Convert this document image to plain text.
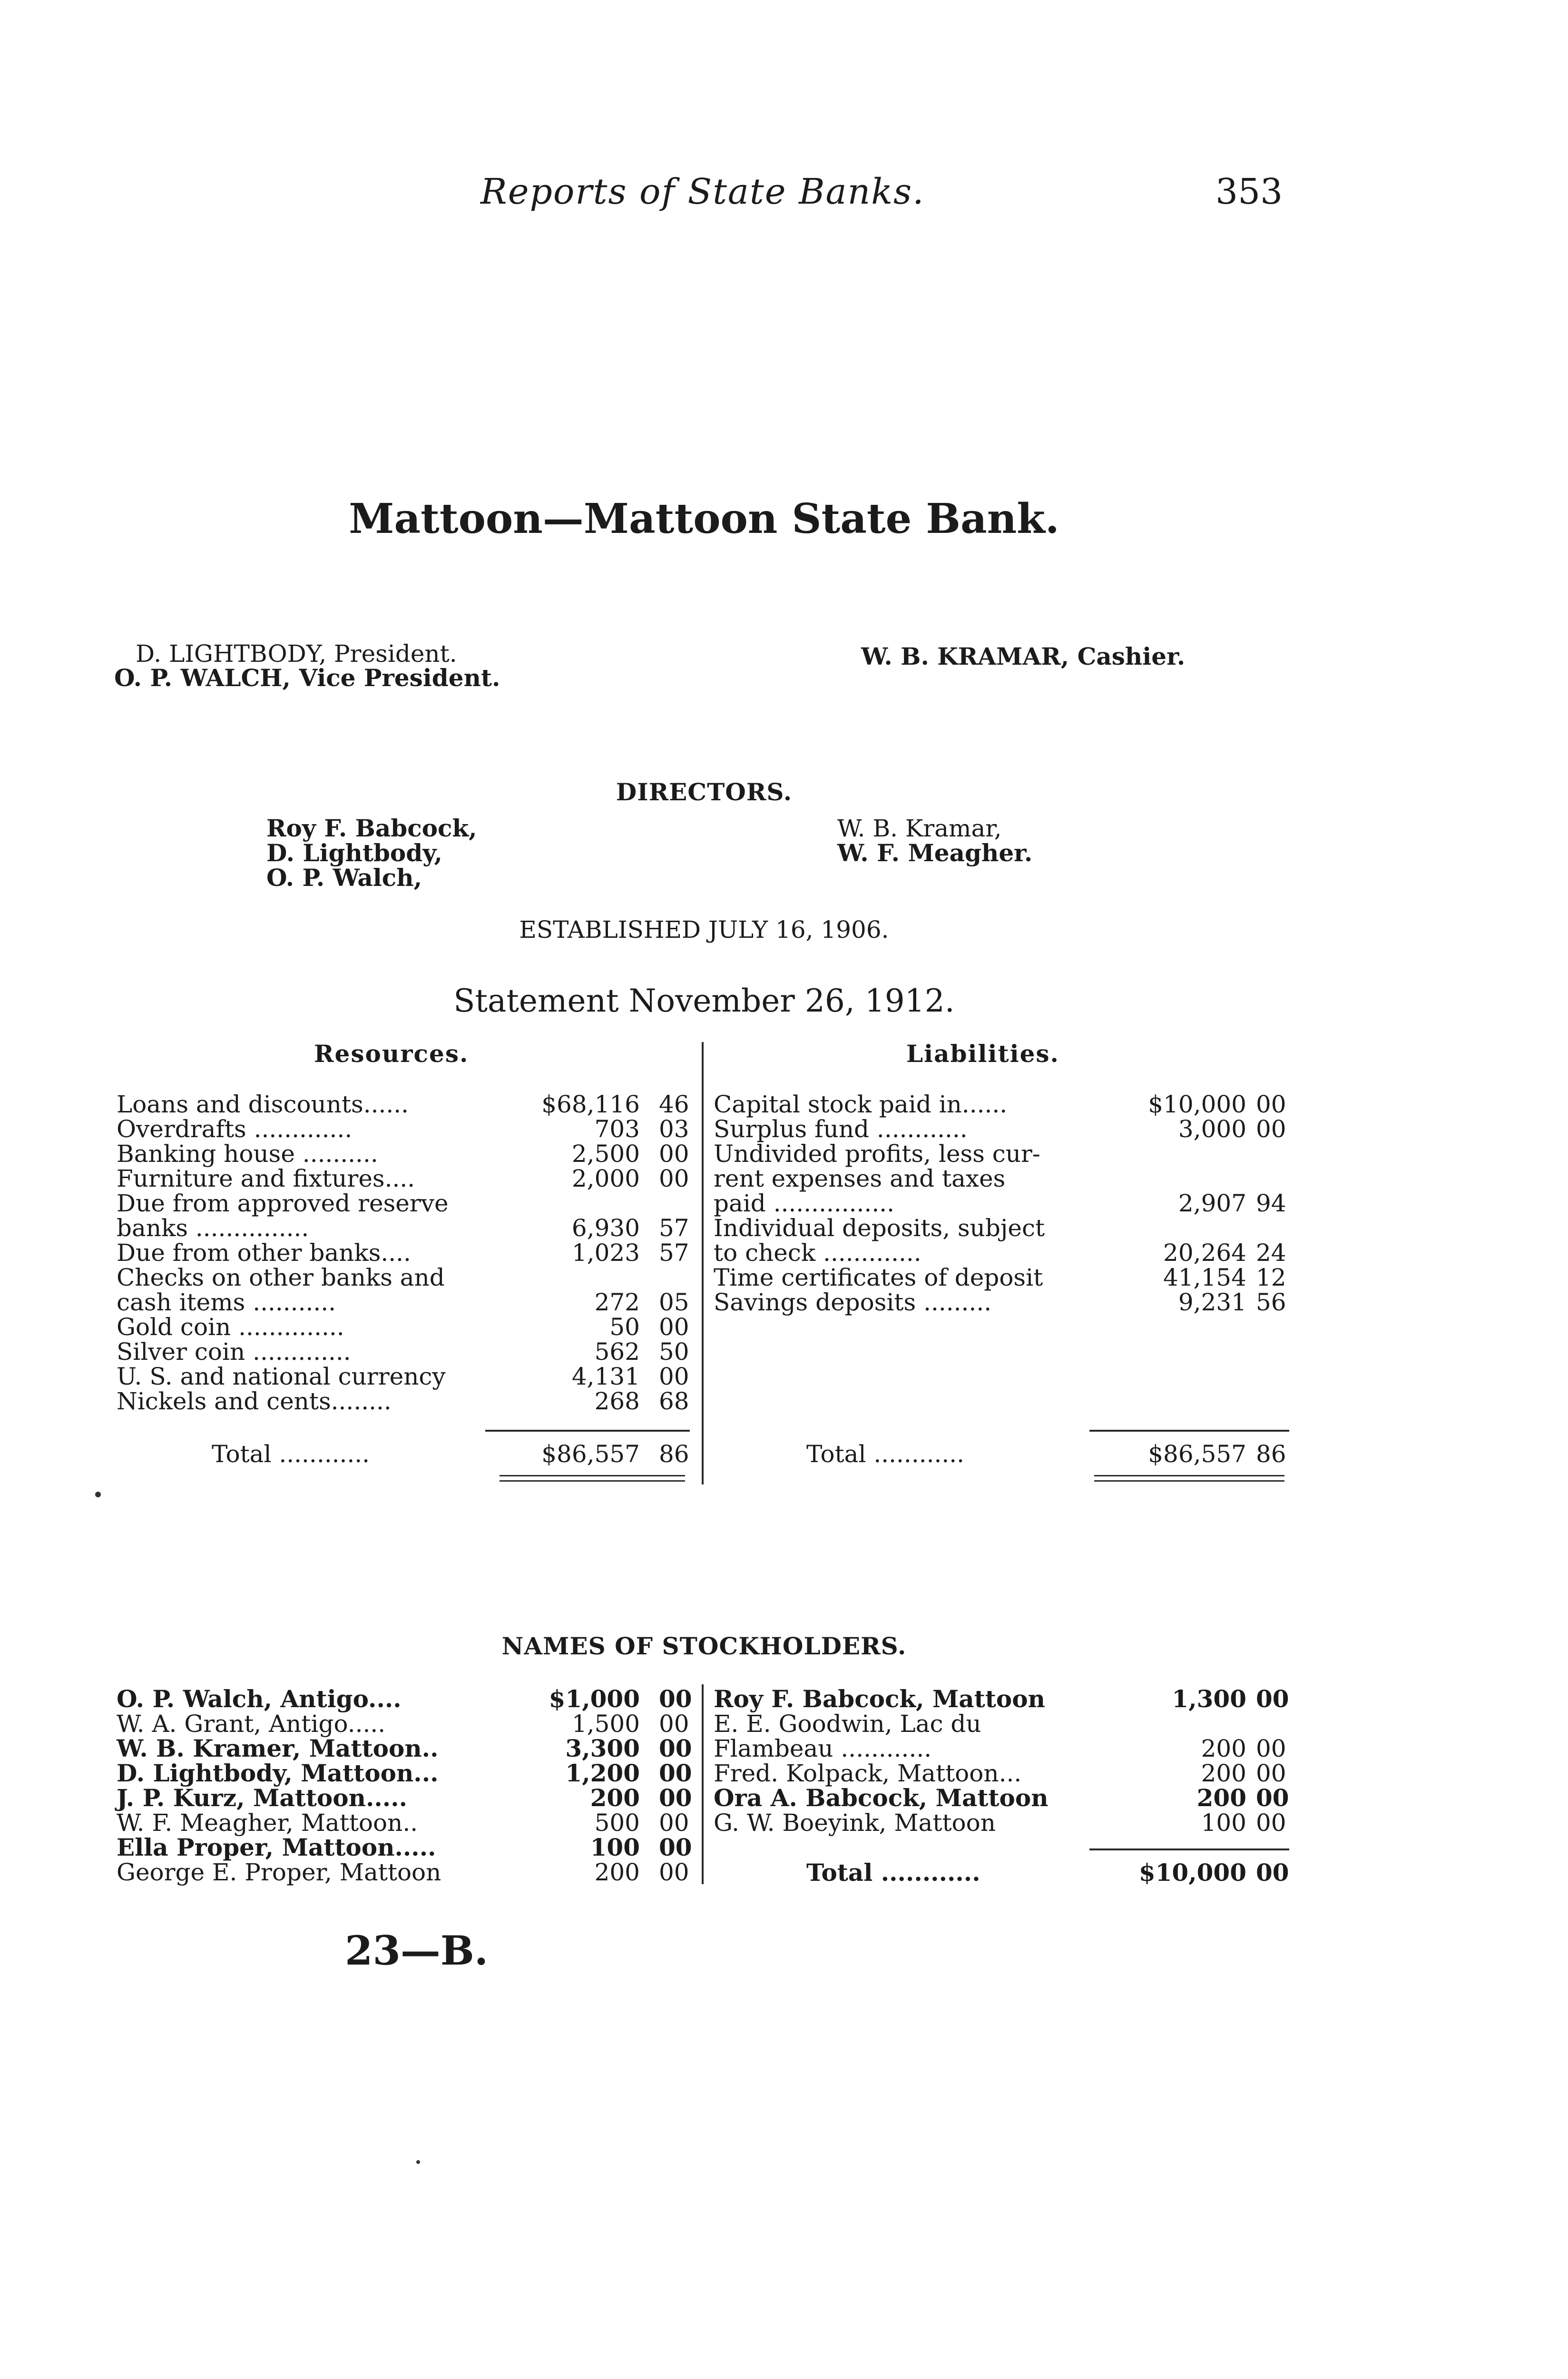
Reports of State Banks.	353
Mattoon—Mattoon State Bank.
D. LIGHTBODY, President.
O. P. WALCH, Vice President.
W. B. KRAMAR, Cashier.
DIRECTORS.
Roy F. Babcock,
D. Lightbody,
O. P. Walch,
W. B. Kramar,
W. F. Meagher.
ESTABLISHED JULY 16, 1906.
Statement November 26, 1912.
Resources.	Liabilities.
Loans and discounts......	$68,116 46
Overdrafts .............	703 03
Banking house ..........	2,500 00
Furniture and fixtures....	2,000 00
Due from approved reserve
banks ...............	6,930 57
Due from other banks....	1,023 57
Checks on other banks and
cash items ...........	272 05
Gold coin ..............	50 00
Silver coin .............	562 50
U. S. and national currency	4,131 00
Nickels and cents........	268 68
Total ............	$86,557 86
Capital stock paid in......	$10,000 00
Surplus fund ............	3,000 00
Undivided profits, less cur-
rent expenses and taxes
paid ................	2,907 94
Individual deposits, subject
to check .............	20,264 24
Time certificates of deposit	41,154 12
Savings deposits .........	9,231 56
Total ............	$86,557 86
NAMES OF STOCKHOLDERS.
O. P. Walch, Antigo....	$1,000 00
W. A. Grant, Antigo.....	1,500 00
W. B. Kramer, Mattoon..	3,300 00
D. Lightbody, Mattoon...	1,200 00
J. P. Kurz, Mattoon.....	200 00
W. F. Meagher, Mattoon..	500 00
Ella Proper, Mattoon.....	100 00
George E. Proper, Mattoon	200 00
Roy F. Babcock, Mattoon	1,300 00
E. E. Goodwin, Lac du
Flambeau ............	200 00
Fred. Kolpack, Mattoon...	200 00
Ora A. Babcock, Mattoon	200 00
G. W. Boeyink, Mattoon	100 00
Total ............	$10,000 00
23—B.
